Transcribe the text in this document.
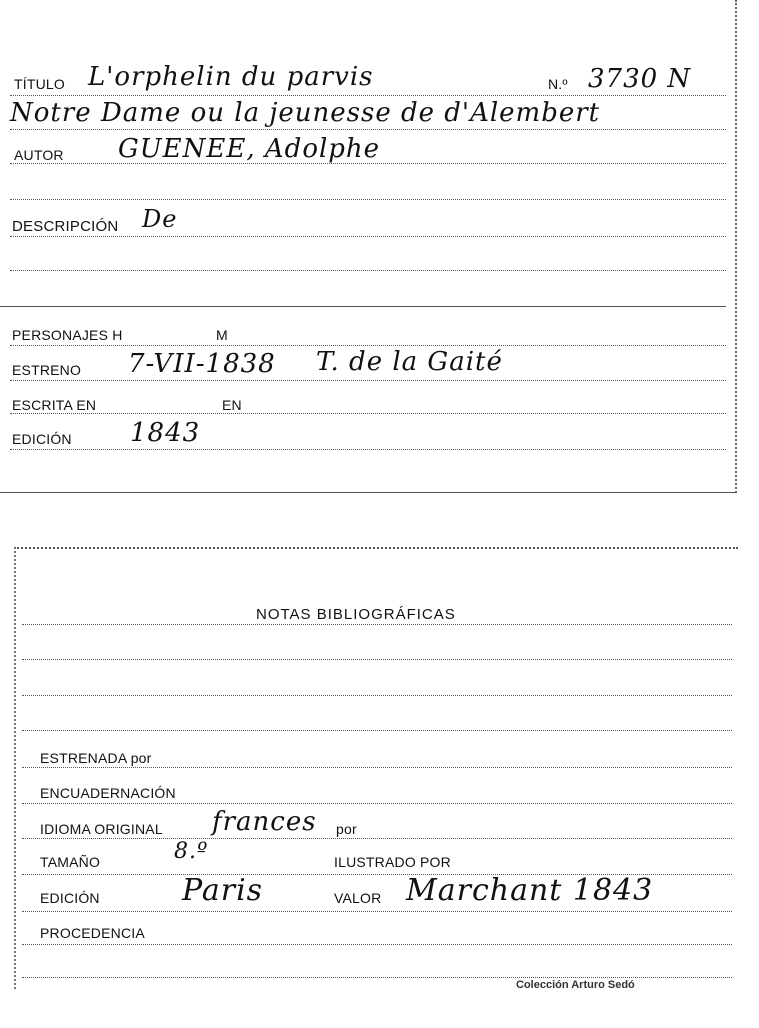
TÍTULO L'orphelin du parvis	N.º 3730 N
Notre Dame ou la jeunesse de d'Alembert
AUTOR GUENEE, Adolphe
DESCRIPCIÓN De
PERSONAJES H	M
ESTRENO 7-VII-1838 T. de la Gaité
ESCRITA EN	EN
EDICIÓN 1843
NOTAS BIBLIOGRÁFICAS
ESTRENADA por
ENCUADERNACIÓN
IDIOMA ORIGINAL frances por
TAMAÑO	8.º	ILUSTRADO POR
EDICIÓN	Paris	VALOR Marchant 1843
PROCEDENCIA
Colección Arturo Sedó
